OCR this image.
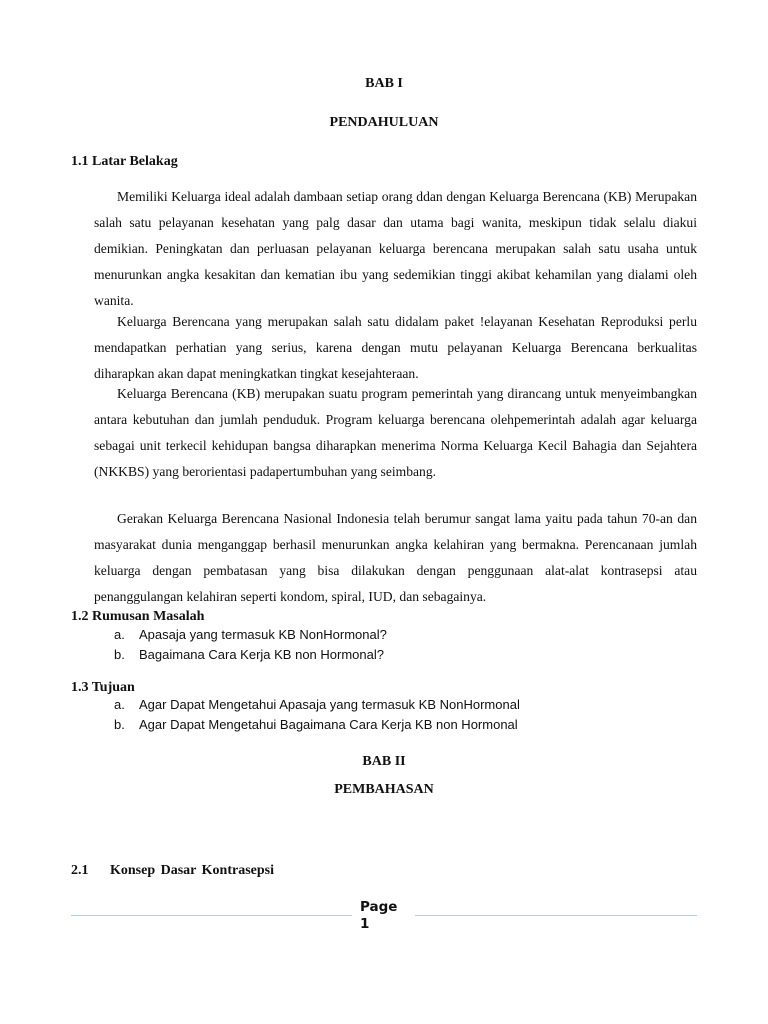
BAB I
PENDAHULUAN
1.1 Latar Belakag

Memiliki Keluarga ideal adalah dambaan setiap orang ddan dengan Keluarga Berencana (KB) Merupakan salah satu pelayanan kesehatan yang palg dasar dan utama bagi wanita, meskipun tidak selalu diakui demikian. Peningkatan dan perluasan pelayanan keluarga berencana merupakan salah satu usaha untuk menurunkan angka kesakitan dan kematian ibu yang sedemikian tinggi akibat kehamilan yang dialami oleh wanita.

Keluarga Berencana yang merupakan salah satu didalam paket !elayanan Kesehatan Reproduksi perlu mendapatkan perhatian yang serius, karena dengan mutu pelayanan Keluarga Berencana berkualitas diharapkan akan dapat meningkatkan tingkat kesejahteraan.

Keluarga Berencana (KB) merupakan suatu program pemerintah yang dirancang untuk menyeimbangkan antara kebutuhan dan jumlah penduduk. Program keluarga berencana olehpemerintah adalah agar keluarga sebagai unit terkecil kehidupan bangsa diharapkan menerima Norma Keluarga Kecil Bahagia dan Sejahtera (NKKBS) yang berorientasi padapertumbuhan yang seimbang.

Gerakan Keluarga Berencana Nasional Indonesia telah berumur sangat lama yaitu pada tahun 70-an dan masyarakat dunia menganggap berhasil menurunkan angka kelahiran yang bermakna. Perencanaan jumlah keluarga dengan pembatasan yang bisa dilakukan dengan penggunaan alat-alat kontrasepsi atau penanggulangan kelahiran seperti kondom, spiral, IUD, dan sebagainya.

1.2 Rumusan Masalah
a. Apasaja yang termasuk KB NonHormonal?
b. Bagaimana Cara Kerja KB non Hormonal?
1.3 Tujuan
a. Agar Dapat Mengetahui Apasaja yang termasuk KB NonHormonal
b. Agar Dapat Mengetahui Bagaimana Cara Kerja KB non Hormonal
BAB II
PEMBAHASAN
2.1 Konsep Dasar Kontrasepsi
Page
1
